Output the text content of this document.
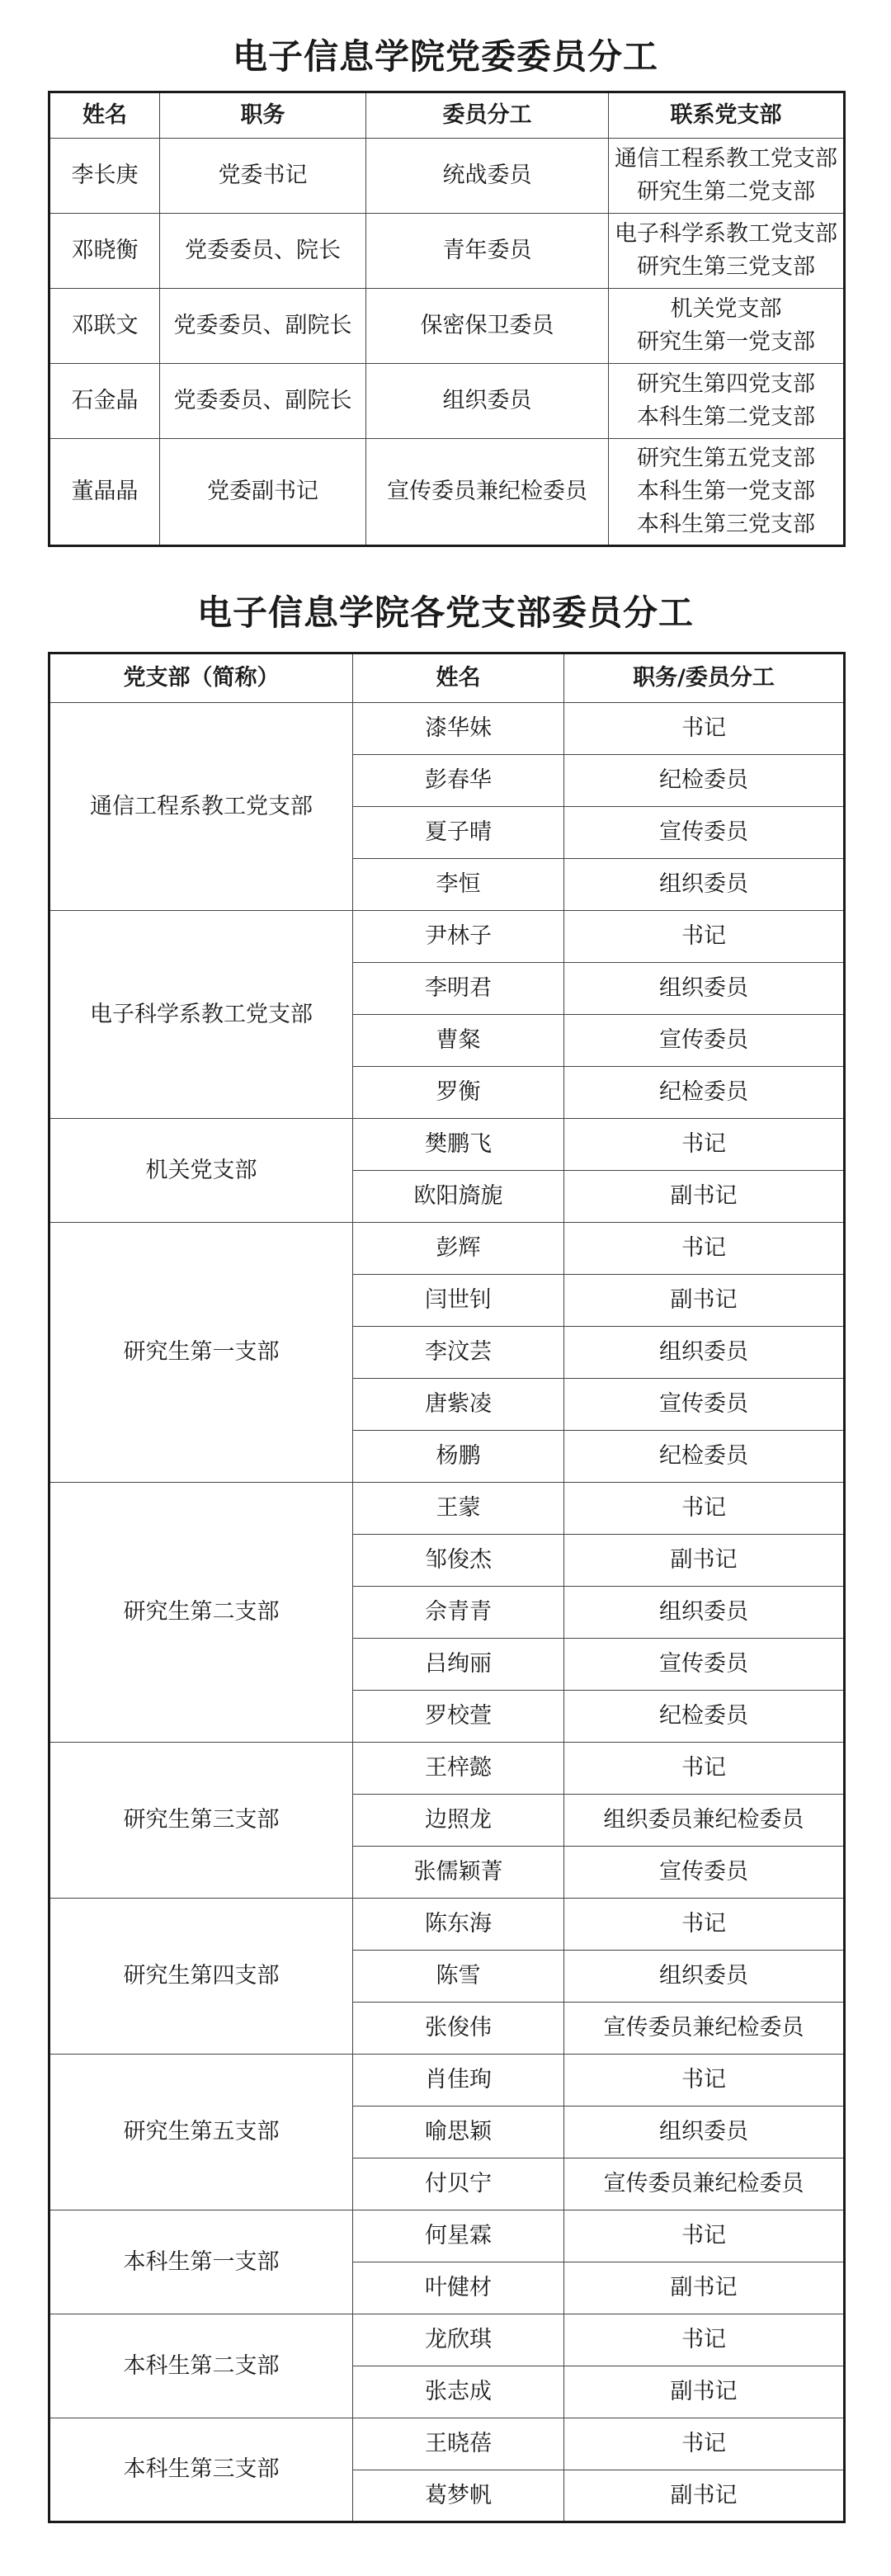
电子信息学院党委委员分工
姓名	职务	委员分工	联系党支部
李长庚	党委书记	统战委员	通信工程系教工党支部
研究生第二党支部

邓晓衡	党委委员、院长	青年委员	电子科学系教工党支部
研究生第三党支部

邓联文	党委委员、副院长	保密保卫委员	机关党支部
研究生第一党支部

石金晶	党委委员、副院长	组织委员	研究生第四党支部
本科生第二党支部

董晶晶	党委副书记	宣传委员兼纪检委员	研究生第五党支部
本科生第一党支部
本科生第三党支部
电子信息学院各党支部委员分工
党支部（简称）	姓名	职务/委员分工
通信工程系教工党支部	漆华妹	书记
	彭春华	纪检委员
	夏子晴	宣传委员
	李恒	组织委员
电子科学系教工党支部	尹林子	书记
	李明君	组织委员
	曹粲	宣传委员
	罗衡	纪检委员
机关党支部	樊鹏飞	书记
	欧阳旖旎	副书记
研究生第一支部	彭辉	书记
	闫世钊	副书记
	李汶芸	组织委员
	唐紫凌	宣传委员
	杨鹏	纪检委员
研究生第二支部	王蒙	书记
	邹俊杰	副书记
	佘青青	组织委员
	吕绚丽	宣传委员
	罗校萱	纪检委员
研究生第三支部	王梓懿	书记
	边照龙	组织委员兼纪检委员
	张儒颖菁	宣传委员
研究生第四支部	陈东海	书记
	陈雪	组织委员
	张俊伟	宣传委员兼纪检委员
研究生第五支部	肖佳珣	书记
	喻思颖	组织委员
	付贝宁	宣传委员兼纪检委员
本科生第一支部	何星霖	书记
	叶健材	副书记
本科生第二支部	龙欣琪	书记
	张志成	副书记
本科生第三支部	王晓蓓	书记
	葛梦帆	副书记
